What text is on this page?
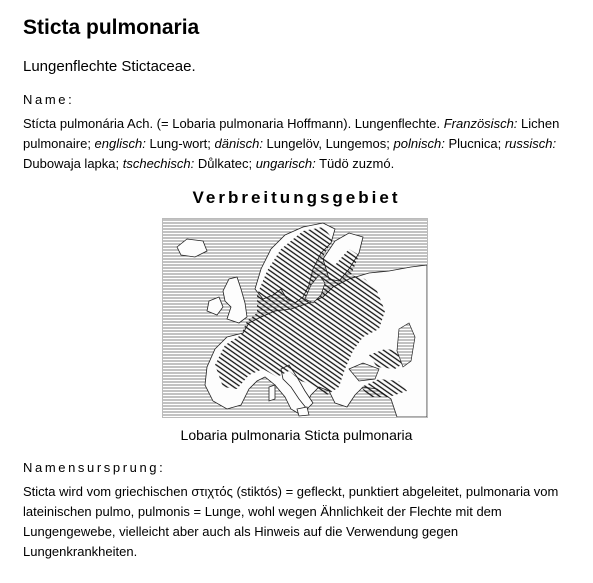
Sticta pulmonaria
Lungenflechte Stictaceae.
Name:
Stícta pulmonária Ach. (= Lobaria pulmonaria Hoffmann). Lungenflechte. Französisch: Lichen pulmonaire; englisch: Lung-wort; dänisch: Lungelöv, Lungemos; polnisch: Plucnica; russisch: Dubowaja lapka; tschechisch: Důlkatec; ungarisch: Tüdö zuzmó.
Verbreitungsgebiet
Lobaria pulmonaria Sticta pulmonaria
Namensursprung:
Sticta wird vom griechischen στιχτός (stiktós) = gefleckt, punktiert abgeleitet, pulmonaria vom lateinischen pulmo, pulmonis = Lunge, wohl wegen Ähnlichkeit der Flechte mit dem Lungengewebe, vielleicht aber auch als Hinweis auf die Verwendung gegen Lungenkrankheiten.
